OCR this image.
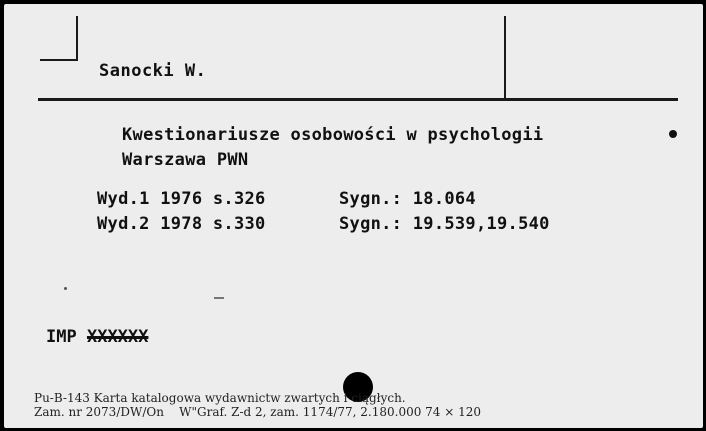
Sanocki W.
Kwestionariusze osobowości w psychologii
Warszawa PWN
Wyd.1 1976 s.326	Sygn.: 18.064
Wyd.2 1978 s.330	Sygn.: 19.539,19.540
IMP XXXXXX
Pu-B-143 Karta katalogowa wydawnictw zwartych i ciągłych.
Zam. nr 2073/DW/On    W"Graf. Z-d 2, zam. 1174/77, 2.180.000 74 × 120
